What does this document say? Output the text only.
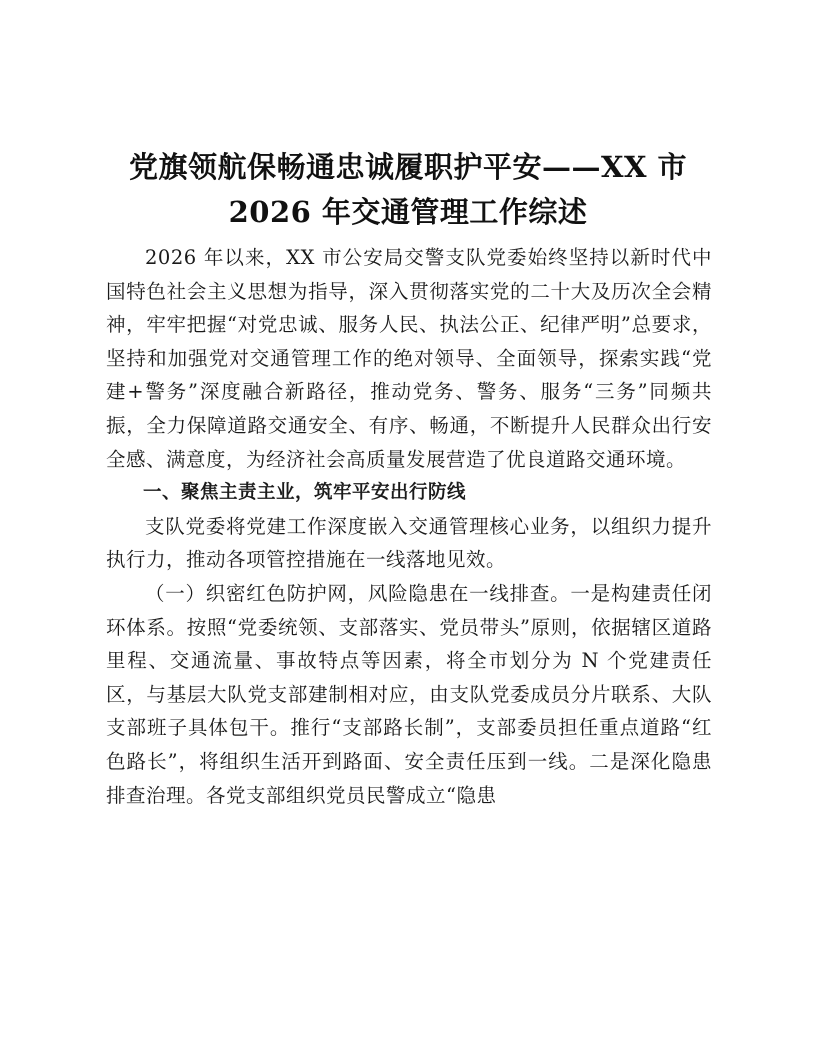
党旗领航保畅通忠诚履职护平安——XX 市
2026 年交通管理工作综述

2026 年以来，XX 市公安局交警支队党委始终坚持以新时代中国特色社会主义思想为指导，深入贯彻落实党的二十大及历次全会精神，牢牢把握“对党忠诚、服务人民、执法公正、纪律严明”总要求，坚持和加强党对交通管理工作的绝对领导、全面领导，探索实践“党建+警务”深度融合新路径，推动党务、警务、服务“三务”同频共振，全力保障道路交通安全、有序、畅通，不断提升人民群众出行安全感、满意度，为经济社会高质量发展营造了优良道路交通环境。

一、聚焦主责主业，筑牢平安出行防线

支队党委将党建工作深度嵌入交通管理核心业务，以组织力提升执行力，推动各项管控措施在一线落地见效。

（一）织密红色防护网，风险隐患在一线排查。一是构建责任闭环体系。按照“党委统领、支部落实、党员带头”原则，依据辖区道路里程、交通流量、事故特点等因素，将全市划分为 N 个党建责任区，与基层大队党支部建制相对应，由支队党委成员分片联系、大队支部班子具体包干。推行“支部路长制”，支部委员担任重点道路“红色路长”，将组织生活开到路面、安全责任压到一线。二是深化隐患排查治理。各党支部组织党员民警成立“隐患
